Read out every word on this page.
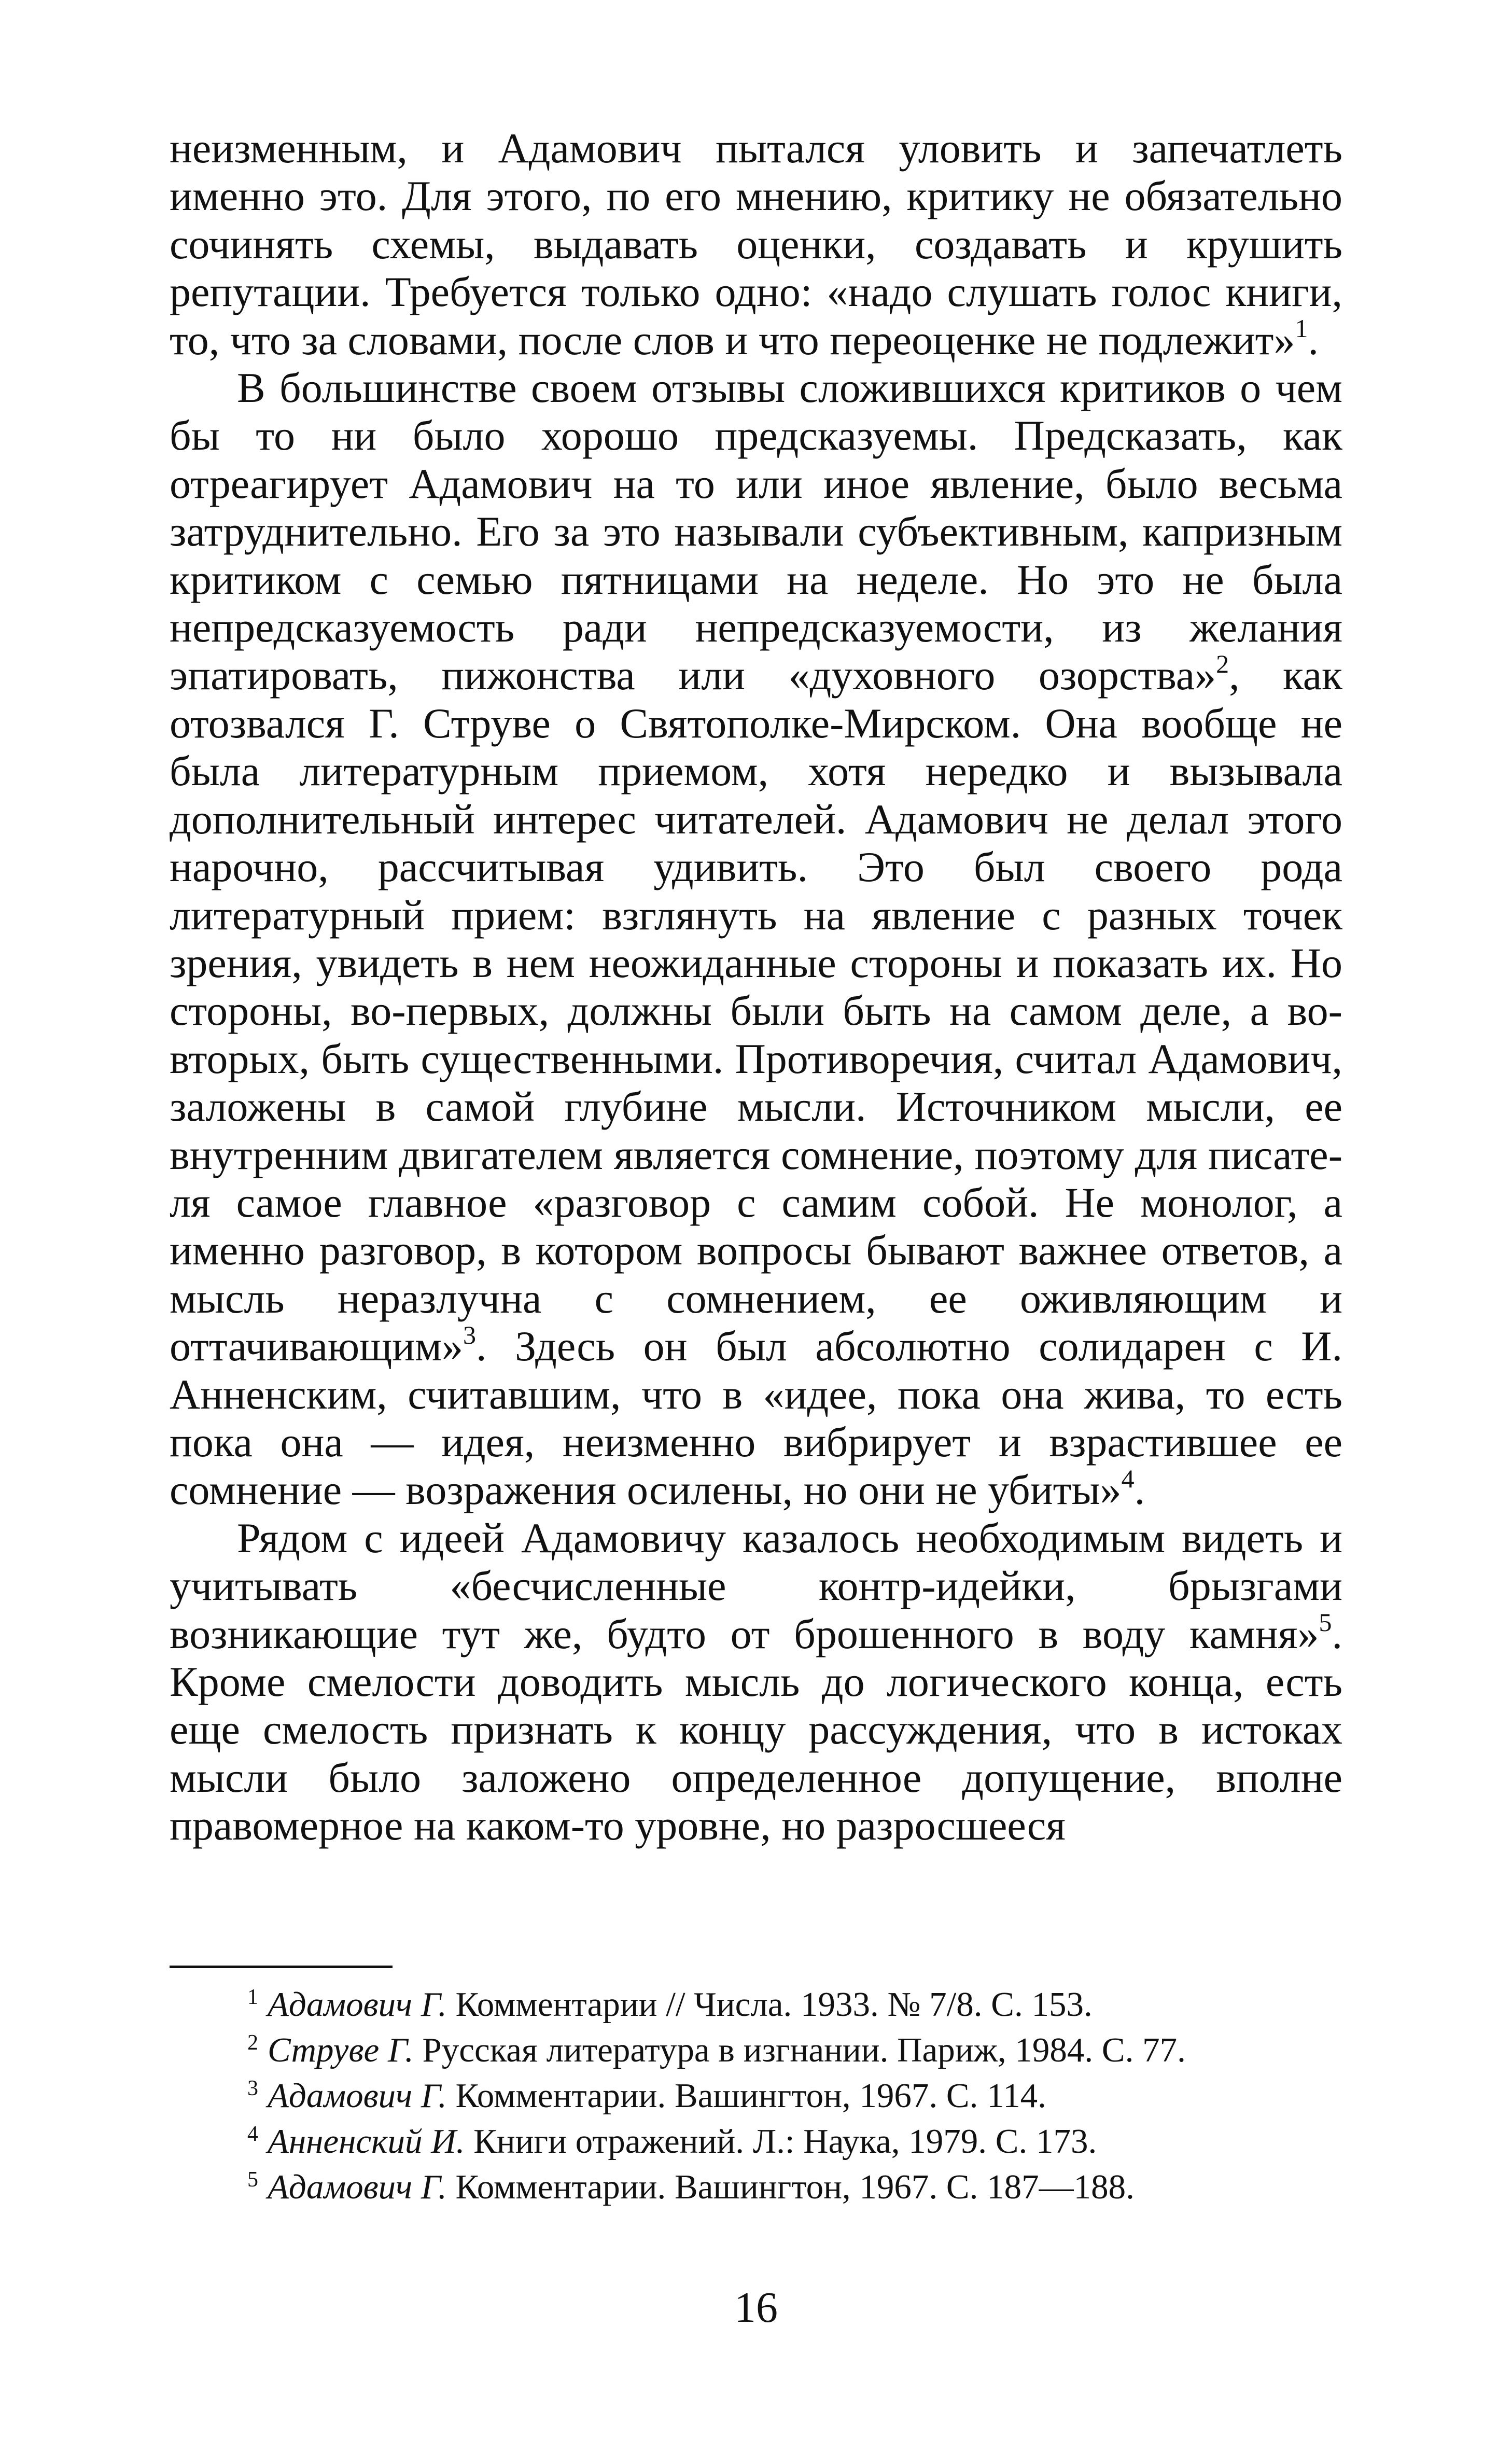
неизменным, и Адамович пытался уловить и запечатлеть именно это. Для этого, по его мнению, критику не обязательно сочинять схемы, выдавать оценки, создавать и крушить репутации. Требуется только одно: «надо слушать голос книги, то, что за словами, после слов и что переоценке не подлежит»$^1$.

В большинстве своем отзывы сложившихся критиков о чем бы то ни было хорошо предсказуемы. Предсказать, как отреагирует Адамович на то или иное явление, было весьма затруднительно. Его за это называли субъективным, капризным критиком с семью пятницами на неделе. Но это не была непредсказуемость ради непредсказуемости, из желания эпатировать, пижонства или «духовного озорства»$^2$, как отозвался Г. Струве о Святополке-Мирском. Она вообще не была литературным приемом, хотя нередко и вызывала дополнительный интерес читателей. Адамович не делал этого нарочно, рассчитывая удивить. Это был своего рода литературный прием: взглянуть на явление с разных точек зрения, увидеть в нем неожиданные стороны и показать их. Но стороны, во-первых, должны были быть на самом деле, а во-вторых, быть существенными. Противоречия, считал Адамович, заложены в самой глубине мысли. Источником мысли, ее внутренним двигателем является сомнение, поэтому для писателя самое главное «разговор с самим собой. Не монолог, а именно разговор, в котором вопросы бывают важнее ответов, а мысль неразлучна с сомнением, ее оживляющим и оттачивающим»$^3$. Здесь он был абсолютно солидарен с И. Анненским, считавшим, что в «идее, пока она жива, то есть пока она — идея, неизменно вибрирует и взрастившее ее сомнение — возражения осилены, но они не убиты»$^4$.

Рядом с идеей Адамовичу казалось необходимым видеть и учитывать «бесчисленные контр-идейки, брызгами возникающие тут же, будто от брошенного в воду камня»$^5$. Кроме смелости доводить мысль до логического конца, есть еще смелость признать к концу рассуждения, что в истоках мысли было заложено определенное допущение, вполне правомерное на каком-то уровне, но разросшееся

1 Адамович Г. Комментарии // Числа. 1933. № 7/8. С. 153.
2 Струве Г. Русская литература в изгнании. Париж, 1984. С. 77.
3 Адамович Г. Комментарии. Вашингтон, 1967. С. 114.
4 Анненский И. Книги отражений. Л.: Наука, 1979. С. 173.
5 Адамович Г. Комментарии. Вашингтон, 1967. С. 187—188.
16
